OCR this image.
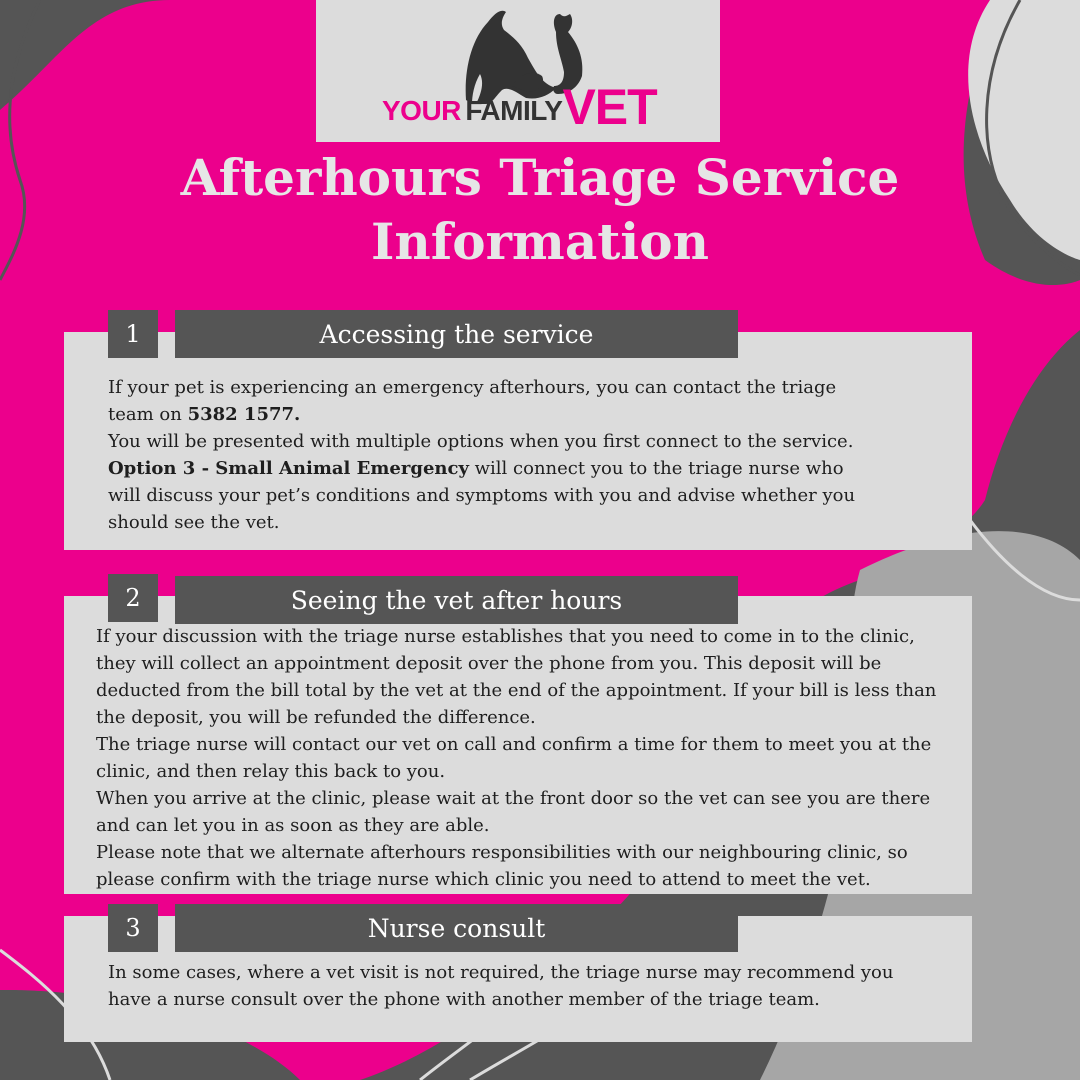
YOUR FAMILYVET
Afterhours Triage Service
Information
1	Accessing the service

If your pet is experiencing an emergency afterhours, you can contact the triage team on 5382 1577.

You will be presented with multiple options when you first connect to the service.

Option 3 - Small Animal Emergency will connect you to the triage nurse who will discuss your pet’s conditions and symptoms with you and advise whether you should see the vet.

2	Seeing the vet after hours

If your discussion with the triage nurse establishes that you need to come in to the clinic, they will collect an appointment deposit over the phone from you. This deposit will be deducted from the bill total by the vet at the end of the appointment. If your bill is less than the deposit, you will be refunded the difference.

The triage nurse will contact our vet on call and confirm a time for them to meet you at the clinic, and then relay this back to you.

When you arrive at the clinic, please wait at the front door so the vet can see you are there and can let you in as soon as they are able.

Please note that we alternate afterhours responsibilities with our neighbouring clinic, so please confirm with the triage nurse which clinic you need to attend to meet the vet.

3	Nurse consult

In some cases, where a vet visit is not required, the triage nurse may recommend you have a nurse consult over the phone with another member of the triage team.
